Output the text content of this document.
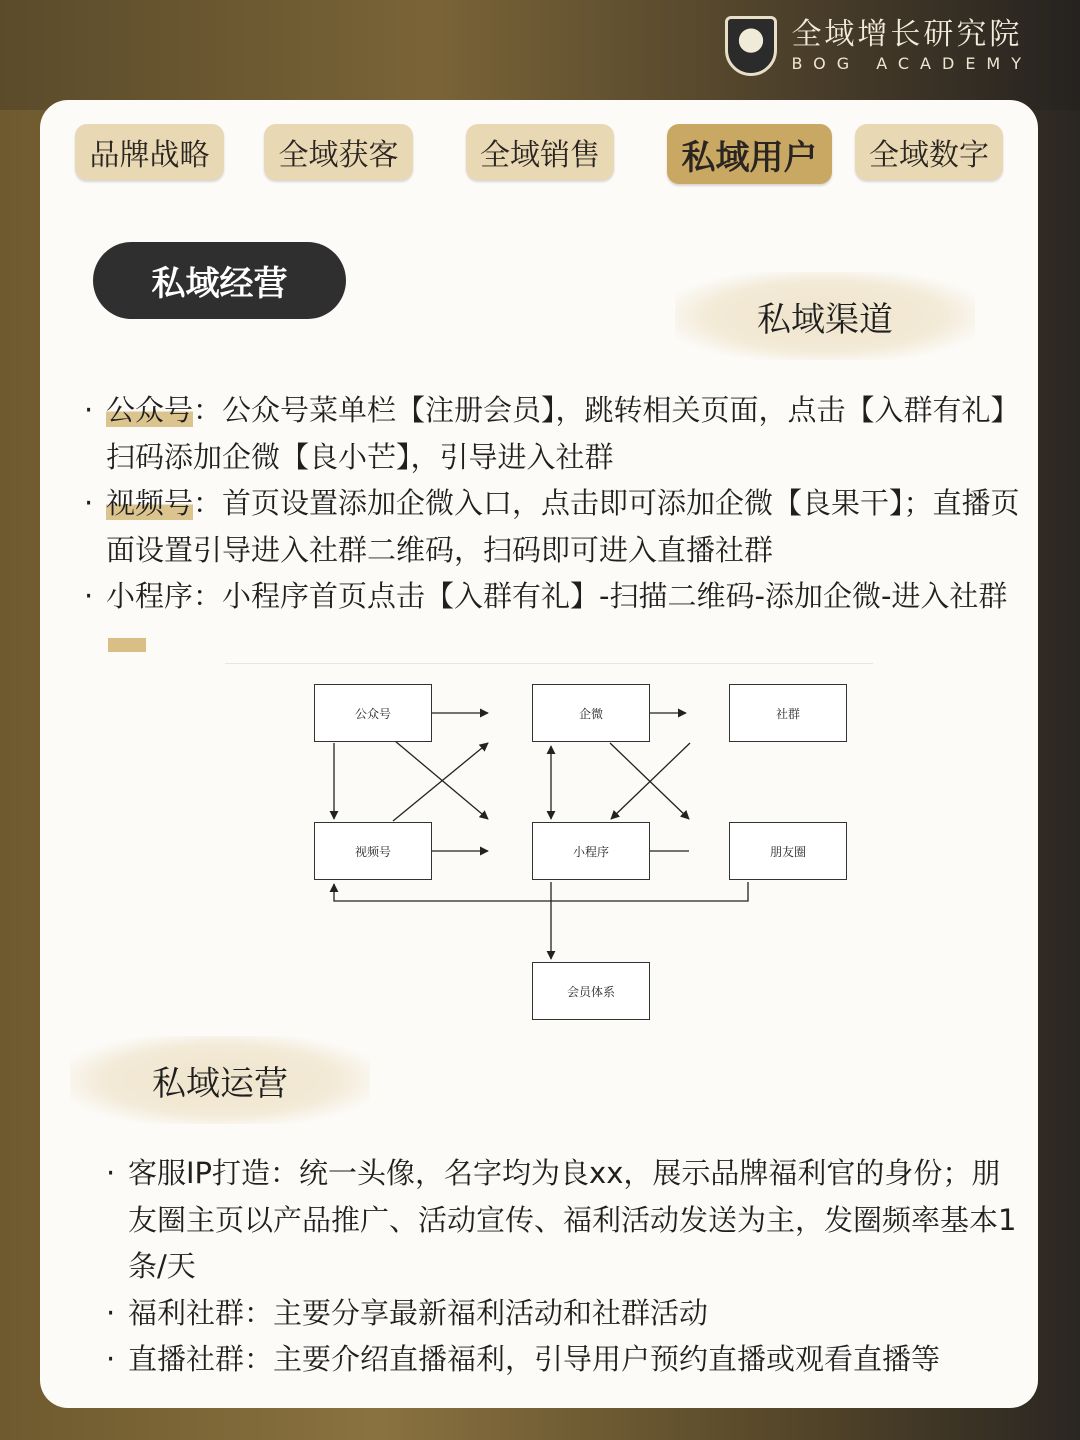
全域增长研究院
BOG ACADEMY
品牌战略	全域获客	全域销售	私域用户	全域数字
私域经营
私域渠道
· 公众号：公众号菜单栏【注册会员】，跳转相关页面，点击【入群有礼】扫码添加企微【良小芒】，引导进入社群
· 视频号：首页设置添加企微入口，点击即可添加企微【良果干】；直播页面设置引导进入社群二维码，扫码即可进入直播社群
· 小程序：小程序首页点击【入群有礼】-扫描二维码-添加企微-进入社群
公众号	企微	社群
视频号	小程序	朋友圈
会员体系
私域运营
· 客服IP打造：统一头像，名字均为良xx，展示品牌福利官的身份；朋友圈主页以产品推广、活动宣传、福利活动发送为主，发圈频率基本1条/天
· 福利社群：主要分享最新福利活动和社群活动
· 直播社群：主要介绍直播福利，引导用户预约直播或观看直播等
